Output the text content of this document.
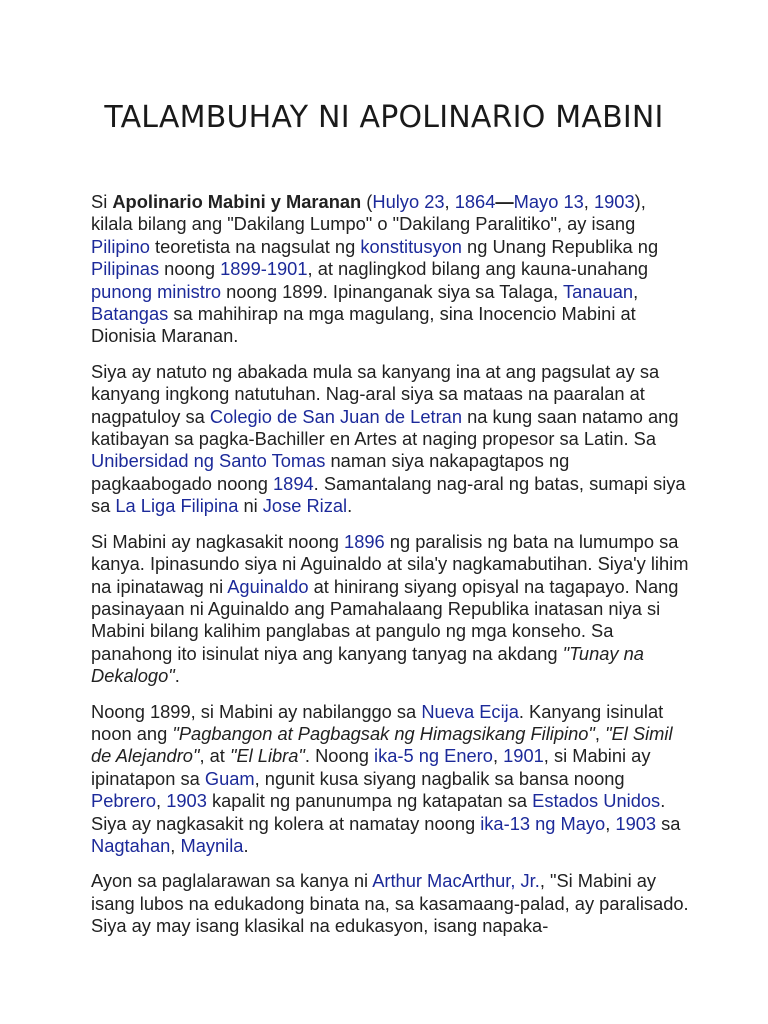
TALAMBUHAY NI APOLINARIO MABINI

Si Apolinario Mabini y Maranan (Hulyo 23, 1864—Mayo 13, 1903), kilala bilang ang "Dakilang Lumpo" o "Dakilang Paralitiko", ay isang Pilipino teoretista na nagsulat ng konstitusyon ng Unang Republika ng Pilipinas noong 1899-1901, at naglingkod bilang ang kauna-unahang punong ministro noong 1899. Ipinanganak siya sa Talaga, Tanauan, Batangas sa mahihirap na mga magulang, sina Inocencio Mabini at Dionisia Maranan.

Siya ay natuto ng abakada mula sa kanyang ina at ang pagsulat ay sa kanyang ingkong natutuhan. Nag-aral siya sa mataas na paaralan at nagpatuloy sa Colegio de San Juan de Letran na kung saan natamo ang katibayan sa pagka-Bachiller en Artes at naging propesor sa Latin. Sa Unibersidad ng Santo Tomas naman siya nakapagtapos ng pagkaabogado noong 1894. Samantalang nag-aral ng batas, sumapi siya sa La Liga Filipina ni Jose Rizal.

Si Mabini ay nagkasakit noong 1896 ng paralisis ng bata na lumumpo sa kanya. Ipinasundo siya ni Aguinaldo at sila'y nagkamabutihan. Siya'y lihim na ipinatawag ni Aguinaldo at hinirang siyang opisyal na tagapayo. Nang pasinayaan ni Aguinaldo ang Pamahalaang Republika inatasan niya si Mabini bilang kalihim panglabas at pangulo ng mga konseho. Sa panahong ito isinulat niya ang kanyang tanyag na akdang "Tunay na Dekalogo".

Noong 1899, si Mabini ay nabilanggo sa Nueva Ecija. Kanyang isinulat noon ang "Pagbangon at Pagbagsak ng Himagsikang Filipino", "El Simil de Alejandro", at "El Libra". Noong ika-5 ng Enero, 1901, si Mabini ay ipinatapon sa Guam, ngunit kusa siyang nagbalik sa bansa noong Pebrero, 1903 kapalit ng panunumpa ng katapatan sa Estados Unidos. Siya ay nagkasakit ng kolera at namatay noong ika-13 ng Mayo, 1903 sa Nagtahan, Maynila.

Ayon sa paglalarawan sa kanya ni Arthur MacArthur, Jr., "Si Mabini ay isang lubos na edukadong binata na, sa kasamaang-palad, ay paralisado. Siya ay may isang klasikal na edukasyon, isang napaka-
